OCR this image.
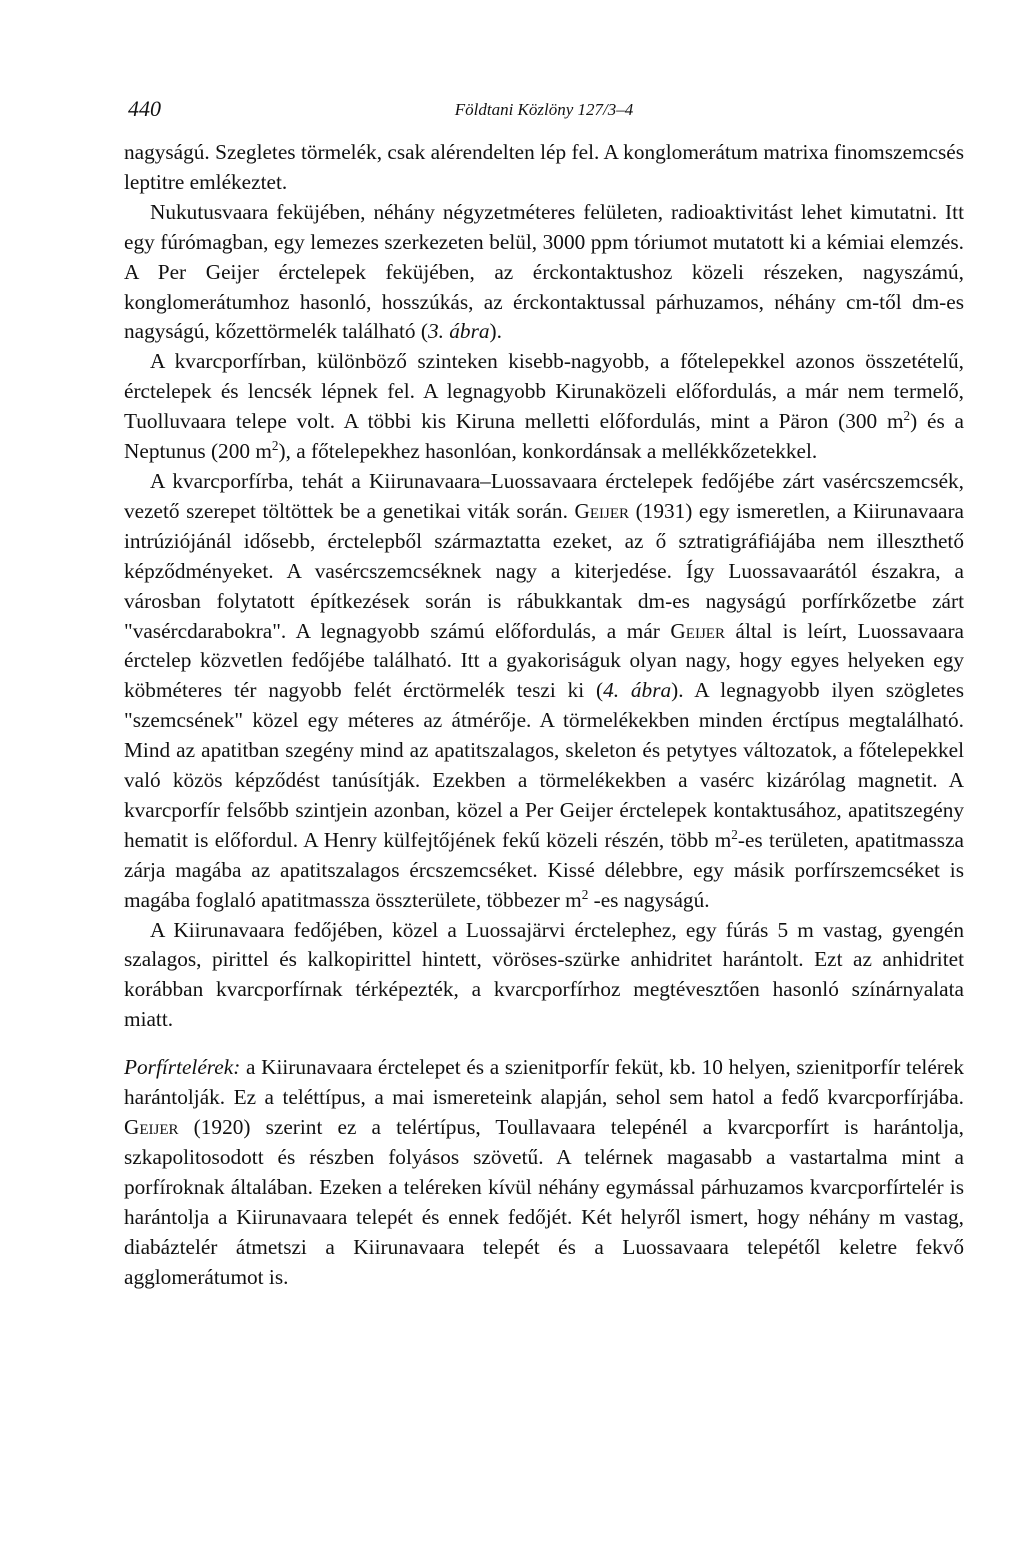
440	Földtani Közlöny 127/3–4

nagyságú. Szegletes törmelék, csak alérendelten lép fel. A konglomerátum matrixa finomszemcsés leptitre emlékeztet.

Nukutusvaara feküjében, néhány négyzetméteres felületen, radioaktivitást lehet kimutatni. Itt egy fúrómagban, egy lemezes szerkezeten belül, 3000 ppm tóriumot mutatott ki a kémiai elemzés. A Per Geijer érctelepek feküjében, az érckontaktushoz közeli részeken, nagyszámú, konglomerátumhoz hasonló, hosszúkás, az érckontaktussal párhuzamos, néhány cm-től dm-es nagyságú, kőzettörmelék található (3. ábra).

A kvarcporfírban, különböző szinteken kisebb-nagyobb, a főtelepekkel azonos összetételű, érctelepek és lencsék lépnek fel. A legnagyobb Kirunaközeli előfordulás, a már nem termelő, Tuolluvaara telepe volt. A többi kis Kiruna melletti előfordulás, mint a Päron (300 $m^2$) és a Neptunus (200 $m^2$), a főtelepekhez hasonlóan, konkordánsak a mellékkőzetekkel.

A kvarcporfírba, tehát a Kiirunavaara–Luossavaara érctelepek fedőjébe zárt vasércszemcsék, vezető szerepet töltöttek be a genetikai viták során. Geijer (1931) egy ismeretlen, a Kiirunavaara intrúziójánál idősebb, érctelepből származtatta ezeket, az ő sztratigráfiájába nem illeszthető képződményeket. A vasércszemcséknek nagy a kiterjedése. Így Luossavaarától északra, a városban folytatott építkezések során is rábukkantak dm-es nagyságú porfírkőzetbe zárt "vasércdarabokra". A legnagyobb számú előfordulás, a már Geijer által is leírt, Luossavaara érctelep közvetlen fedőjébe található. Itt a gyakoriságuk olyan nagy, hogy egyes helyeken egy köbméteres tér nagyobb felét érctörmelék teszi ki (4. ábra). A legnagyobb ilyen szögletes "szemcsének" közel egy méteres az átmérője. A törmelékekben minden érctípus megtalálható. Mind az apatitban szegény mind az apatitszalagos, skeleton és petytyes változatok, a főtelepekkel való közös képződést tanúsítják. Ezekben a törmelékekben a vasérc kizárólag magnetit. A kvarcporfír felsőbb szintjein azonban, közel a Per Geijer érctelepek kontaktusához, apatitszegény hematit is előfordul. A Henry külfejtőjének fekű közeli részén, több $m^2-es$ területen, apatitmassza zárja magába az apatitszalagos ércszemcséket. Kissé délebbre, egy másik porfírszemcséket is magába foglaló apatitmassza összterülete, többezer $m^2$ -es nagyságú.

A Kiirunavaara fedőjében, közel a Luossajärvi érctelephez, egy fúrás 5 m vastag, gyengén szalagos, pirittel és kalkopirittel hintett, vöröses-szürke anhidritet harántolt. Ezt az anhidritet korábban kvarcporfírnak térképezték, a kvarcporfírhoz megtévesztően hasonló színárnyalata miatt.

Porfírtelérek: a Kiirunavaara érctelepet és a szienitporfír feküt, kb. 10 helyen, szienitporfír telérek harántolják. Ez a teléttípus, a mai ismereteink alapján, sehol sem hatol a fedő kvarcporfírjába. Geijer (1920) szerint ez a telértípus, Toullavaara telepénél a kvarcporfírt is harántolja, szkapolitosodott és részben folyásos szövetű. A telérnek magasabb a vastartalma mint a porfíroknak általában. Ezeken a teléreken kívül néhány egymással párhuzamos kvarcporfírtelér is harántolja a Kiirunavaara telepét és ennek fedőjét. Két helyről ismert, hogy néhány m vastag, diabáztelér átmetszi a Kiirunavaara telepét és a Luossavaara telepétől keletre fekvő agglomerátumot is.
